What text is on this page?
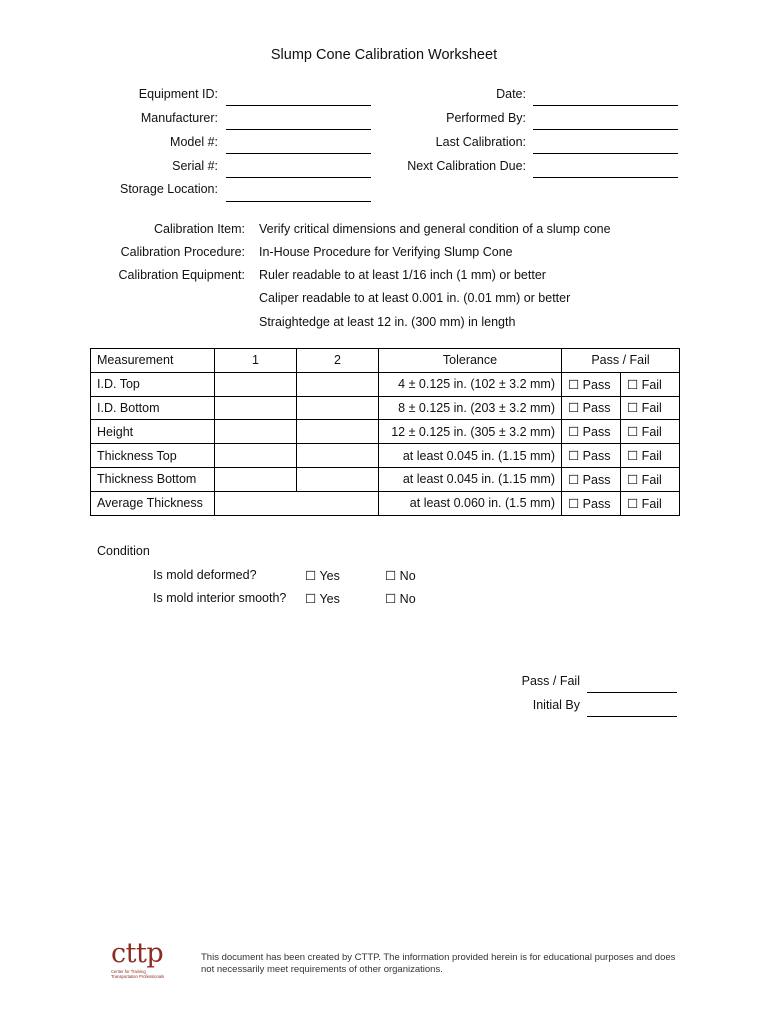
Slump Cone Calibration Worksheet
Equipment ID:
Manufacturer:
Model #:
Serial #:
Storage Location:
Date:
Performed By:
Last Calibration:
Next Calibration Due:
Calibration Item: Verify critical dimensions and general condition of a slump cone
Calibration Procedure: In-House Procedure for Verifying Slump Cone
Calibration Equipment: Ruler readable to at least 1/16 inch (1 mm) or better
Caliper readable to at least 0.001 in. (0.01 mm) or better
Straightedge at least 12 in. (300 mm) in length
Measurement	1	2	Tolerance	Pass / Fail	
I.D. Top			4 ± 0.125 in. (102 ± 3.2 mm)	☐ Pass	☐ Fail
I.D. Bottom			8 ± 0.125 in. (203 ± 3.2 mm)	☐ Pass	☐ Fail
Height			12 ± 0.125 in. (305 ± 3.2 mm)	☐ Pass	☐ Fail
Thickness Top			at least 0.045 in. (1.15 mm)	☐ Pass	☐ Fail
Thickness Bottom			at least 0.045 in. (1.15 mm)	☐ Pass	☐ Fail
Average Thickness			at least 0.060 in. (1.5 mm)	☐ Pass	☐ Fail
Condition
Is mold deformed?	☐ Yes	☐ No
Is mold interior smooth?	☐ Yes	☐ No
Pass / Fail
Initial By
cttp
Center for Training
Transportation Professionals
This document has been created by CTTP. The information provided herein is for educational purposes and does not necessarily meet requirements of other organizations.
